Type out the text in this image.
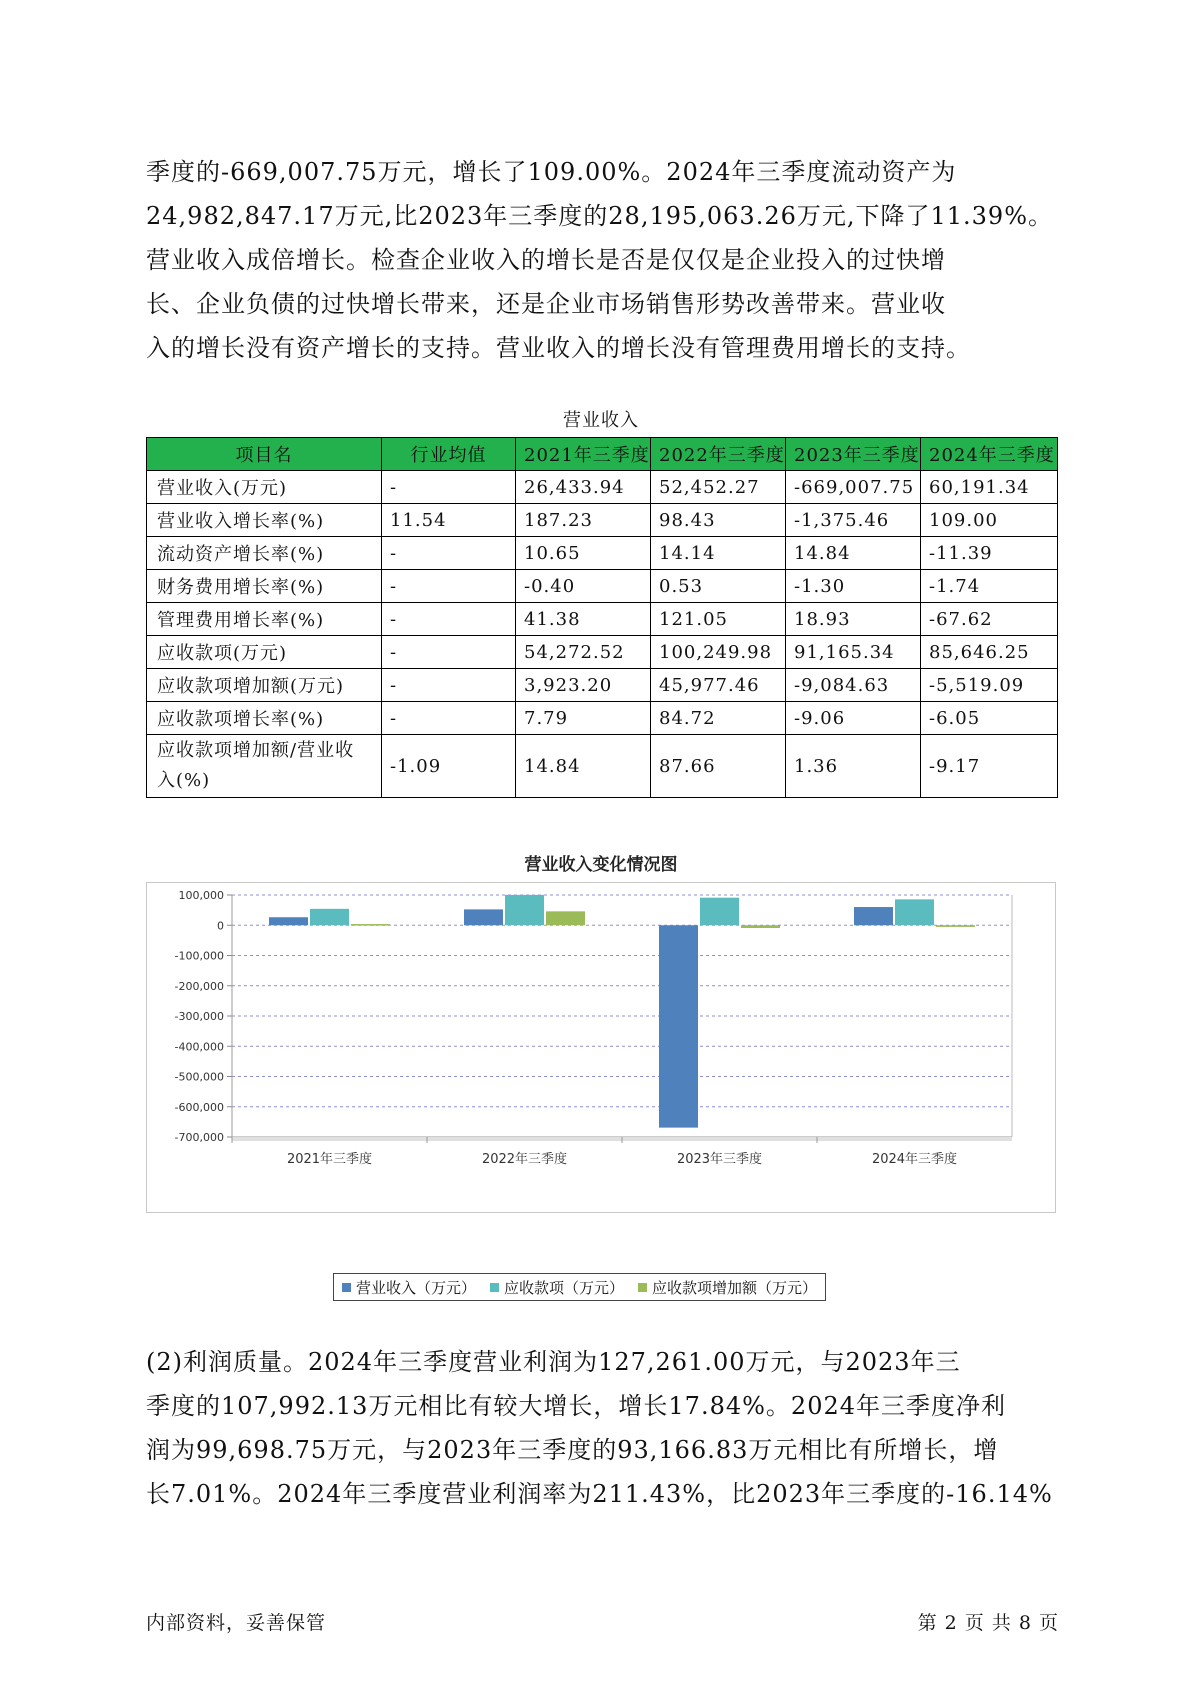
季度的-669,007.75万元，增长了109.00%。2024年三季度流动资产为
24,982,847.17万元,比2023年三季度的28,195,063.26万元,下降了11.39%。
营业收入成倍增长。检查企业收入的增长是否是仅仅是企业投入的过快增
长、企业负债的过快增长带来，还是企业市场销售形势改善带来。营业收
入的增长没有资产增长的支持。营业收入的增长没有管理费用增长的支持。
营业收入
项目名	行业均值	2021年三季度	2022年三季度	2023年三季度	2024年三季度
营业收入(万元)	-	26,433.94	52,452.27	-669,007.75	60,191.34
营业收入增长率(%)	11.54	187.23	98.43	-1,375.46	109.00
流动资产增长率(%)	-	10.65	14.14	14.84	-11.39
财务费用增长率(%)	-	-0.40	0.53	-1.30	-1.74
管理费用增长率(%)	-	41.38	121.05	18.93	-67.62
应收款项(万元)	-	54,272.52	100,249.98	91,165.34	85,646.25
应收款项增加额(万元)	-	3,923.20	45,977.46	-9,084.63	-5,519.09
应收款项增长率(%)	-	7.79	84.72	-9.06	-6.05
应收款项增加额/营业收入(%)	-1.09	14.84	87.66	1.36	-9.17
营业收入变化情况图
100,000
0
-100,000
-200,000
-300,000
-400,000
-500,000
-600,000
-700,000
2021年三季度	2022年三季度	2023年三季度	2024年三季度
营业收入（万元） 应收款项（万元） 应收款项增加额（万元）
(2)利润质量。2024年三季度营业利润为127,261.00万元，与2023年三
季度的107,992.13万元相比有较大增长，增长17.84%。2024年三季度净利
润为99,698.75万元，与2023年三季度的93,166.83万元相比有所增长，增
长7.01%。2024年三季度营业利润率为211.43%，比2023年三季度的-16.14%
内部资料，妥善保管	第 2 页 共 8 页
